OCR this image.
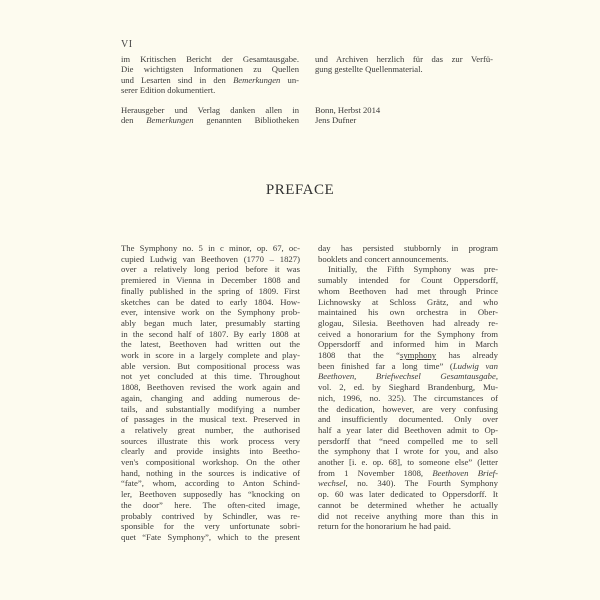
VI
im Kritischen Bericht der Gesamtausgabe.
Die wichtigsten Informationen zu Quellen
und Lesarten sind in den Bemerkungen un-
serer Edition dokumentiert.
und Archiven herzlich für das zur Verfü-
gung gestellte Quellenmaterial.
Herausgeber und Verlag danken allen in
den Bemerkungen genannten Bibliotheken
Bonn, Herbst 2014
Jens Dufner
PREFACE
The Symphony no. 5 in c minor, op. 67, oc-
cupied Ludwig van Beethoven (1770 – 1827)
over a relatively long period before it was
premiered in Vienna in December 1808 and
finally published in the spring of 1809. First
sketches can be dated to early 1804. How-
ever, intensive work on the Symphony prob-
ably began much later, presumably starting
in the second half of 1807. By early 1808 at
the latest, Beethoven had written out the
work in score in a largely complete and play-
able version. But compositional process was
not yet concluded at this time. Throughout
1808, Beethoven revised the work again and
again, changing and adding numerous de-
tails, and substantially modifying a number
of passages in the musical text. Preserved in
a relatively great number, the authorised
sources illustrate this work process very
clearly and provide insights into Beetho-
ven's compositional workshop. On the other
hand, nothing in the sources is indicative of
“fate”, whom, according to Anton Schind-
ler, Beethoven supposedly has “knocking on
the door” here. The often-cited image,
probably contrived by Schindler, was re-
sponsible for the very unfortunate sobri-
quet “Fate Symphony”, which to the present
day has persisted stubbornly in program
booklets and concert announcements.
Initially, the Fifth Symphony was pre-
sumably intended for Count Oppersdorff,
whom Beethoven had met through Prince
Lichnowsky at Schloss Grätz, and who
maintained his own orchestra in Ober-
glogau, Silesia. Beethoven had already re-
ceived a honorarium for the Symphony from
Oppersdorff and informed him in March
1808 that the “symphony has already
been finished far a long time” (Ludwig van
Beethoven, Briefwechsel Gesamtausgabe,
vol. 2, ed. by Sieghard Brandenburg, Mu-
nich, 1996, no. 325). The circumstances of
the dedication, however, are very confusing
and insufficiently documented. Only over
half a year later did Beethoven admit to Op-
persdorff that “need compelled me to sell
the symphony that I wrote for you, and also
another [i. e. op. 68], to someone else” (letter
from 1 November 1808, Beethoven Brief-
wechsel, no. 340). The Fourth Symphony
op. 60 was later dedicated to Oppersdorff. It
cannot be determined whether he actually
did not receive anything more than this in
return for the honorarium he had paid.
